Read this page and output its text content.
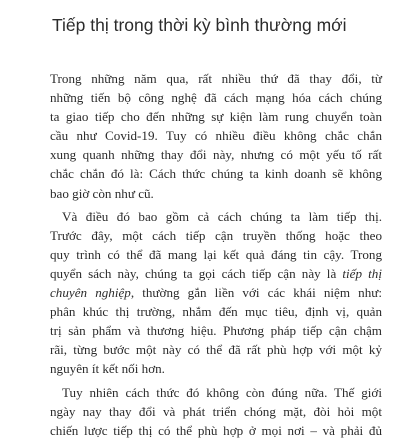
Tiếp thị trong thời kỳ bình thường mới

Trong những năm qua, rất nhiều thứ đã thay đổi, từ
những tiến bộ công nghệ đã cách mạng hóa cách chúng
ta giao tiếp cho đến những sự kiện làm rung chuyển toàn
cầu như Covid-19. Tuy có nhiều điều không chắc chắn
xung quanh những thay đổi này, nhưng có một yếu tố rất
chắc chắn đó là: Cách thức chúng ta kinh doanh sẽ không
bao giờ còn như cũ.

Và điều đó bao gồm cả cách chúng ta làm tiếp thị.
Trước đây, một cách tiếp cận truyền thống hoặc theo
quy trình có thể đã mang lại kết quả đáng tin cậy. Trong
quyển sách này, chúng ta gọi cách tiếp cận này là tiếp thị
chuyên nghiệp, thường gắn liền với các khái niệm như:
phân khúc thị trường, nhắm đến mục tiêu, định vị, quản
trị sản phẩm và thương hiệu. Phương pháp tiếp cận chậm
rãi, từng bước một này có thể đã rất phù hợp với một kỷ
nguyên ít kết nối hơn.

Tuy nhiên cách thức đó không còn đúng nữa. Thế giới
ngày nay thay đổi và phát triển chóng mặt, đòi hỏi một
chiến lược tiếp thị có thể phù hợp ở mọi nơi – và phải đủ
